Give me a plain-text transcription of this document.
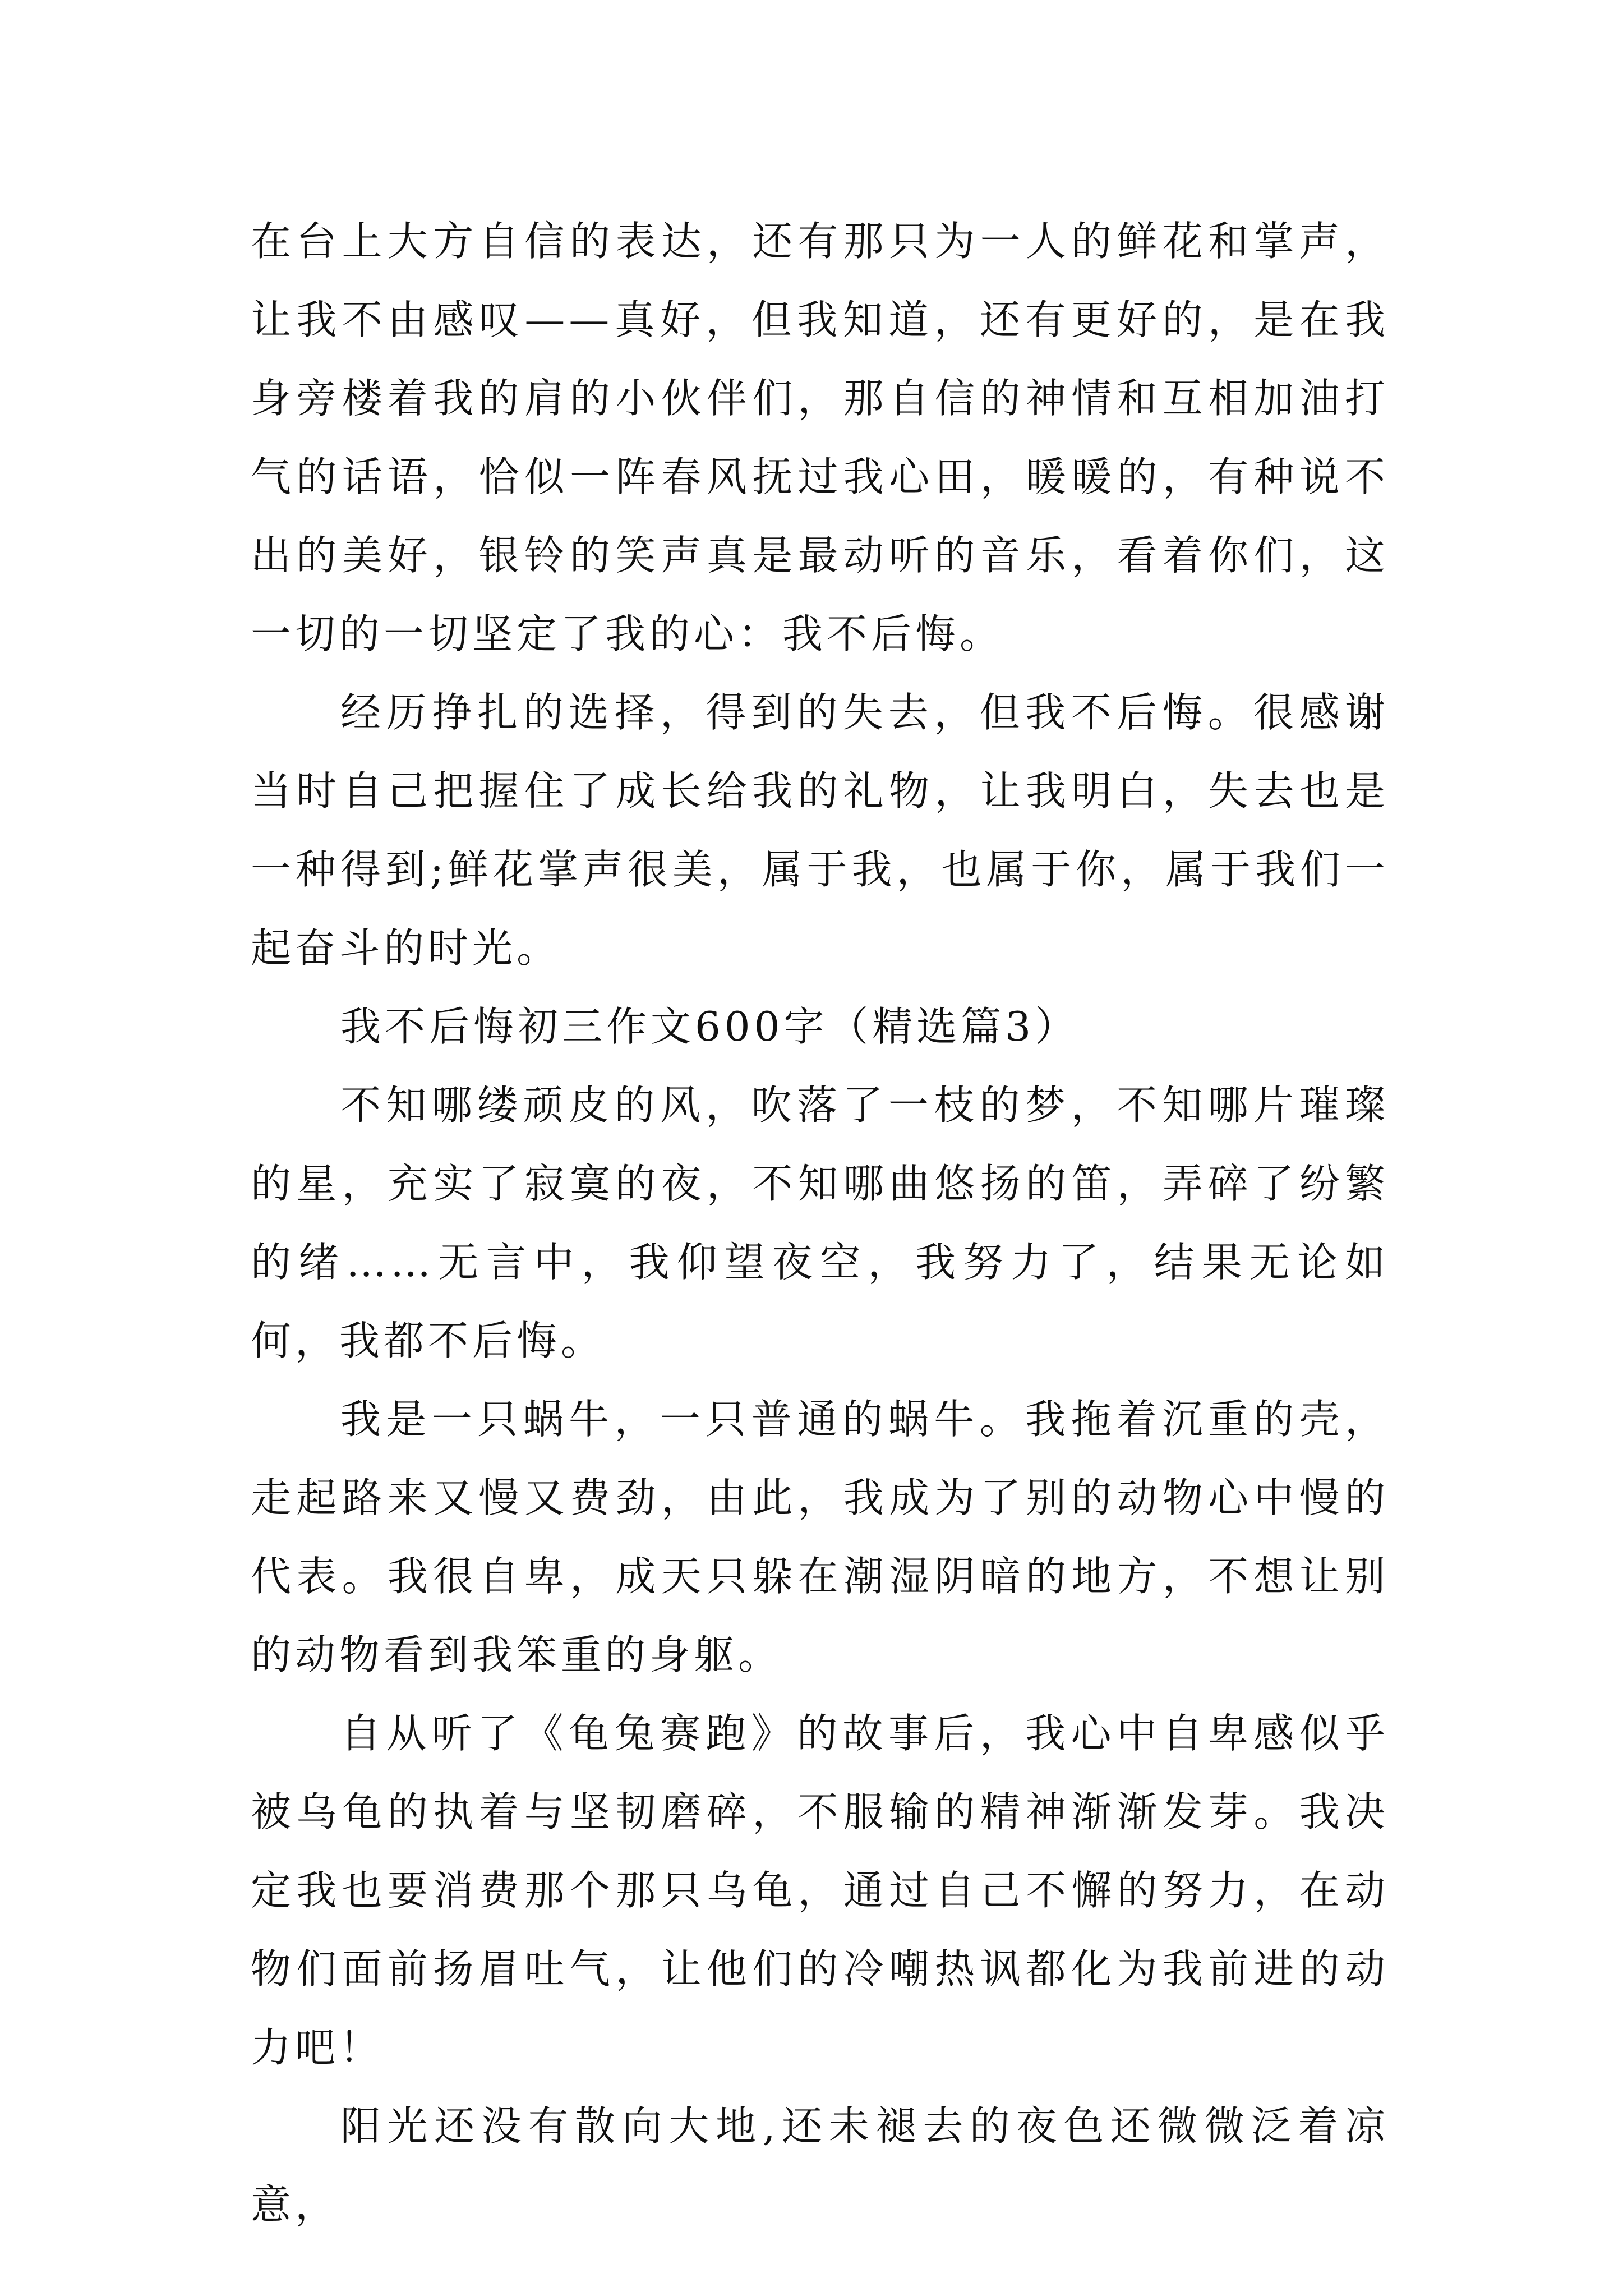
在台上大方自信的表达，还有那只为一人的鲜花和掌声，让我不由感叹——真好，但我知道，还有更好的，是在我身旁楼着我的肩的小伙伴们，那自信的神情和互相加油打气的话语，恰似一阵春风抚过我心田，暖暖的，有种说不出的美好，银铃的笑声真是最动听的音乐，看着你们，这一切的一切坚定了我的心：我不后悔。

经历挣扎的选择，得到的失去，但我不后悔。很感谢当时自己把握住了成长给我的礼物，让我明白，失去也是一种得到;鲜花掌声很美，属于我，也属于你，属于我们一起奋斗的时光。

我不后悔初三作文600字（精选篇3）

不知哪缕顽皮的风，吹落了一枝的梦，不知哪片璀璨的星，充实了寂寞的夜，不知哪曲悠扬的笛，弄碎了纷繁的绪……无言中，我仰望夜空，我努力了，结果无论如何，我都不后悔。

我是一只蜗牛，一只普通的蜗牛。我拖着沉重的壳，走起路来又慢又费劲，由此，我成为了别的动物心中慢的代表。我很自卑，成天只躲在潮湿阴暗的地方，不想让别的动物看到我笨重的身躯。

自从听了《龟兔赛跑》的故事后，我心中自卑感似乎被乌龟的执着与坚韧磨碎，不服输的精神渐渐发芽。我决定我也要消费那个那只乌龟，通过自己不懈的努力，在动物们面前扬眉吐气，让他们的冷嘲热讽都化为我前进的动力吧！

阳光还没有散向大地,还未褪去的夜色还微微泛着凉意，
